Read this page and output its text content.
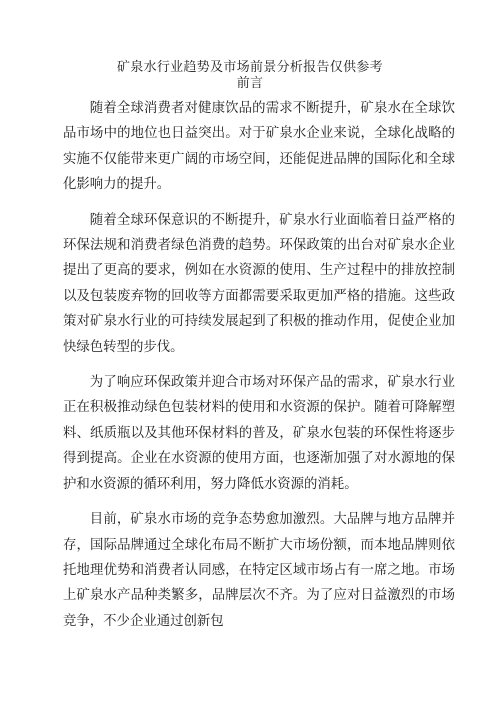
矿泉水行业趋势及市场前景分析报告仅供参考
前言

随着全球消费者对健康饮品的需求不断提升，矿泉水在全球饮品市场中的地位也日益突出。对于矿泉水企业来说，全球化战略的实施不仅能带来更广阔的市场空间，还能促进品牌的国际化和全球化影响力的提升。

随着全球环保意识的不断提升，矿泉水行业面临着日益严格的环保法规和消费者绿色消费的趋势。环保政策的出台对矿泉水企业提出了更高的要求，例如在水资源的使用、生产过程中的排放控制以及包装废弃物的回收等方面都需要采取更加严格的措施。这些政策对矿泉水行业的可持续发展起到了积极的推动作用，促使企业加快绿色转型的步伐。

为了响应环保政策并迎合市场对环保产品的需求，矿泉水行业正在积极推动绿色包装材料的使用和水资源的保护。随着可降解塑料、纸质瓶以及其他环保材料的普及，矿泉水包装的环保性将逐步得到提高。企业在水资源的使用方面，也逐渐加强了对水源地的保护和水资源的循环利用，努力降低水资源的消耗。

目前，矿泉水市场的竞争态势愈加激烈。大品牌与地方品牌并存，国际品牌通过全球化布局不断扩大市场份额，而本地品牌则依托地理优势和消费者认同感，在特定区域市场占有一席之地。市场上矿泉水产品种类繁多，品牌层次不齐。为了应对日益激烈的市场竞争，不少企业通过创新包
